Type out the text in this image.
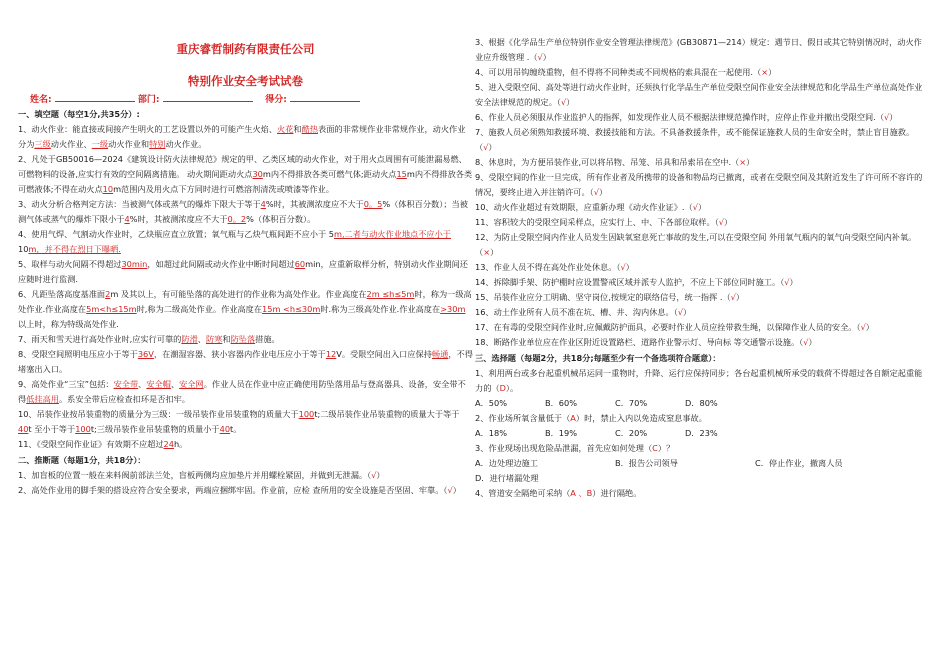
重庆睿哲制药有限责任公司

特别作业安全考试试卷

姓名:	部门:	得分:
一、填空题（每空1分,共35分）:

1、动火作业：能直接或间接产生明火的工艺设置以外的可能产生火焰、火花和酷热表面的非常规作业非常规作业，动火作业分为三级动火作业、一级动火作业和特别动火作业。

2、凡处于GB50016—2024《建筑设计防火法律规范》规定的甲、乙类区域的动火作业，对于用火点周围有可能泄漏易燃、可燃物料的设备,应实行有效的空间隔离措施。 动火期间距动火点30m内不得排放各类可燃气体;距动火点15m内不得排放各类可燃液体;不得在动火点10m范围内及用火点下方同时进行可燃溶剂清洗或喷漆等作业。

3、动火分析合格判定方法：当被测气体或蒸气的爆炸下限大于等于4%时，其被测浓度应不大于0。5%（体积百分数）；当被测气体或蒸气的爆炸下限小于4%时，其被测浓度应不大于0。2%（体积百分数）。

4、使用气焊、气割动火作业时，乙炔瓶应直立放置；氧气瓶与乙炔气瓶间距不应小于 5m,二者与动火作业地点不应小于10m，并不得在烈日下曝晒.

5、取样与动火间隔不得超过30min，如超过此间隔或动火作业中断时间超过60min，应重新取样分析，特别动火作业期间还应随时进行监测.

6、凡距坠落高度基准面2m 及其以上，有可能坠落的高处进行的作业称为高处作业。作业高度在2m ≤h≤5m时，称为一级高处作业.作业高度在5m<h≤15m时,称为二级高处作业。作业高度在15m <h≤30m时.称为三级高处作业.作业高度在>30m以上时，称为特级高处作业.

7、雨天和雪天进行高处作业时,应实行可靠的防滑、防寒和防坠落措施。

8、受限空间照明电压应小于等于36V，在潮湿容器、狭小容器内作业电压应小于等于12V。受限空间出入口应保持畅通，不得堵塞出入口。

9、高处作业“三宝”包括：安全带、安全帽、安全网。作业人员在作业中应正确使用防坠落用品与登高器具、设备，安全带不得低挂高用。系安全带后应检查扣环是否扣牢。

10、吊装作业按吊装重物的质量分为三级：一级吊装作业吊装重物的质量大于100t;二级吊装作业吊装重物的质量大于等于40t 至小于等于100t;三级吊装作业吊装重物的质量小于40t。

11、《受限空间作业证》有效期不应超过24h。

二、推断题（每题1分，共18分）：

1、加盲板的位置一般在来料阀前部法兰处，盲板两侧均应加垫片并用螺栓紧固，并做到无泄漏。（√）

2、高处作业用的脚手架的搭设应符合安全要求，两端应捆绑牢固。作业前，应检 查所用的安全设施是否坚固、牢靠。（√）

3、根据《化学品生产单位特别作业安全管理法律规范》(GB30871—214）规定：遇节日、假日或其它特别情况时，动火作业应升级管理 .（√）

4、可以用吊钩缠绕重物，但不得将不同种类或不同规格的索具混在一起使用.（×）

5、进入受限空间、高处等进行动火作业时，还须执行化学品生产单位受限空间作业安全法律规范和化学品生产单位高处作业安全法律规范的规定。（√）

6、作业人员必须服从作业监护人的指挥，如发现作业人员不根据法律规范操作时，应停止作业并撤出受限空间.（√）

7、施救人员必须熟知救援环境、救援技能和方法。不具备救援条件，或不能保证施救人员的生命安全时，禁止盲目施救。（√）

8、休息时，为方便吊装作业,可以将吊物、吊笼、吊具和吊索吊在空中.（×）

9、受限空间的作业一旦完成，所有作业者及所携带的设备和物品均已撤离，或者在受限空间及其附近发生了许可所不容许的情况，要终止进入并注销许可。（√）

10、动火作业超过有效期限，应重新办理《动火作业证》.（√）

11、容积较大的受限空间采样点，应实行上、中、下各部位取样。（√）

12、为防止受限空间内作业人员发生因缺氧窒息死亡事故的发生,可以在受限空间 外用氧气瓶内的氧气向受限空间内补氧。（×）

13、作业人员不得在高处作业处休息。（√）

14、拆除脚手架、防护棚时应设置警戒区域并派专人监护，不应上下部位同时施工。（√）

15、吊装作业应分工明确、坚守岗位,按规定的联络信号，统一指挥 .（√）

16、动土作业所有人员不准在坑、槽、井、沟内休息。（√）

17、在有毒的受限空间作业时,应佩戴防护面具，必要时作业人员应拴带救生绳，以保障作业人员的安全。（√）

18、断路作业单位应在作业区附近设置路栏、道路作业警示灯、导向标 等交通警示设施。（√）

三、选择题（每题2分，共18分;每题至少有一个备选项符合题意）：

1、利用两台或多台起重机械吊运同一重物时，升降、运行应保持同步；各台起重机械所承受的载荷不得超过各自额定起重能力的（D）。

A．50%	B．60%	C．70%	D．80%

2、作业场所氧含量低于（A）时，禁止入内以免造成窒息事故。

A．18%	B．19%	C．20%	D．23%

3、作业现场出现危险品泄漏，首先应如何处理（C）？

A．边处理边施工	B．报告公司领导	C．停止作业，撤离人员
D．进行堵漏处理

4、管道安全隔绝可采纳（A 、B）进行隔绝。
